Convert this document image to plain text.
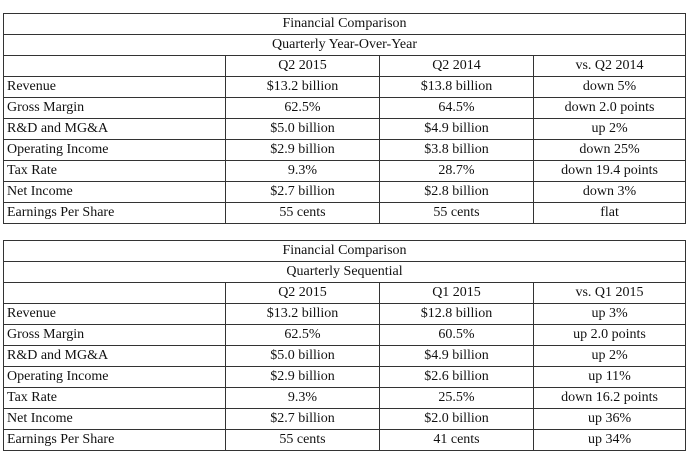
Financial Comparison			
Quarterly Year-Over-Year			
	Q2 2015	Q2 2014	vs. Q2 2014
Revenue	$13.2 billion	$13.8 billion	down 5%
Gross Margin	62.5%	64.5%	down 2.0 points
R&D and MG&A	$5.0 billion	$4.9 billion	up 2%
Operating Income	$2.9 billion	$3.8 billion	down 25%
Tax Rate	9.3%	28.7%	down 19.4 points
Net Income	$2.7 billion	$2.8 billion	down 3%
Earnings Per Share	55 cents	55 cents	flat
Financial Comparison			
Quarterly Sequential			
	Q2 2015	Q1 2015	vs. Q1 2015
Revenue	$13.2 billion	$12.8 billion	up 3%
Gross Margin	62.5%	60.5%	up 2.0 points
R&D and MG&A	$5.0 billion	$4.9 billion	up 2%
Operating Income	$2.9 billion	$2.6 billion	up 11%
Tax Rate	9.3%	25.5%	down 16.2 points
Net Income	$2.7 billion	$2.0 billion	up 36%
Earnings Per Share	55 cents	41 cents	up 34%
